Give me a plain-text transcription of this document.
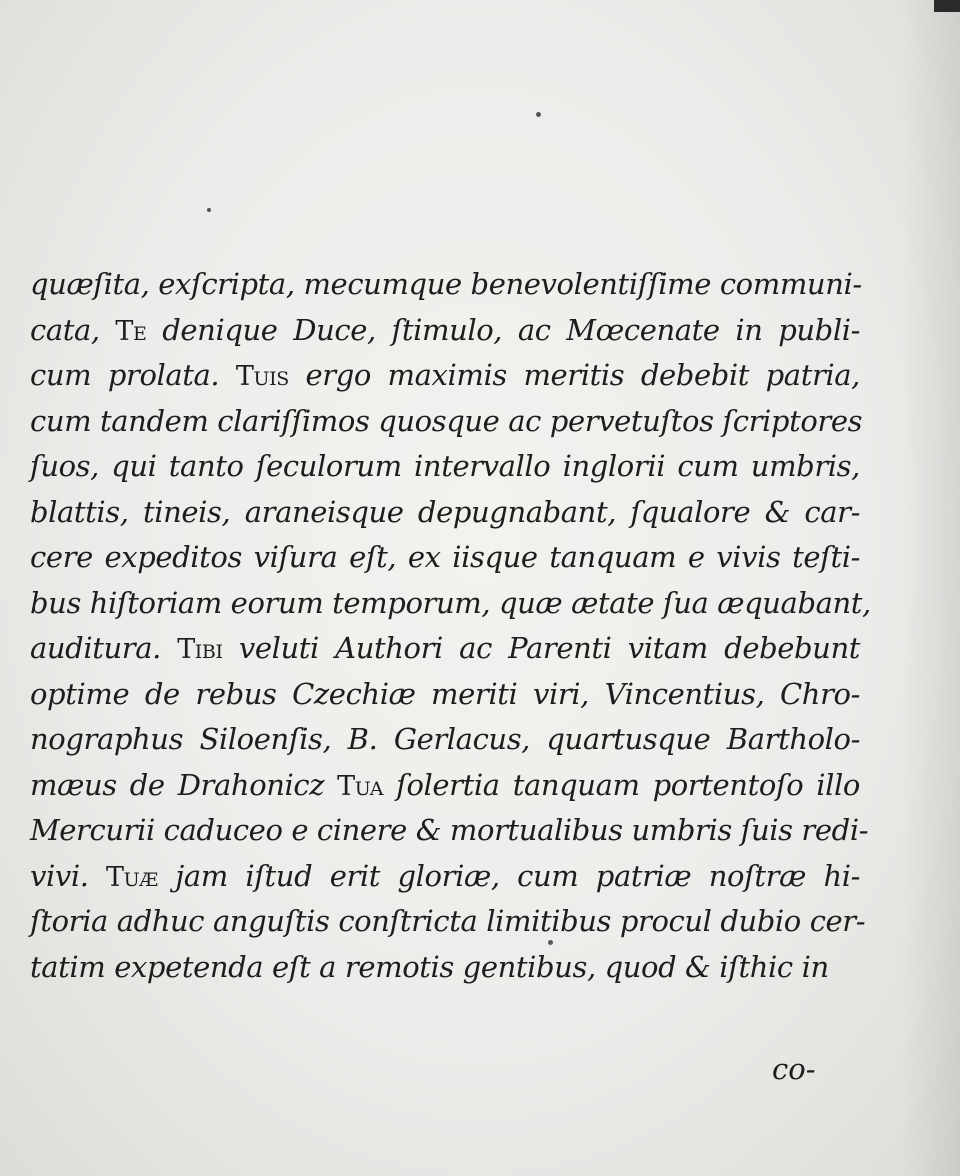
quæſita, exſcripta, mecumque benevolentiſſime communi-
cata, Te denique Duce, ſtimulo, ac Mœcenate in publi-
cum prolata. Tuis ergo maximis meritis debebit patria,
cum tandem clariſſimos quosque ac pervetuſtos ſcriptores
ſuos, qui tanto ſeculorum intervallo inglorii cum umbris,
blattis, tineis, araneisque depugnabant, ſqualore & car-
cere expeditos viſura eſt, ex iisque tanquam e vivis teſti-
bus hiſtoriam eorum temporum, quæ ætate ſua æquabant,
auditura. Tibi veluti Authori ac Parenti vitam debebunt
optime de rebus Czechiæ meriti viri, Vincentius, Chro-
nographus Siloenſis, B. Gerlacus, quartusque Bartholo-
mæus de Drahonicz Tua ſolertia tanquam portentoſo illo
Mercurii caduceo e cinere & mortualibus umbris ſuis redi-
vivi. Tuæ jam iſtud erit gloriæ, cum patriæ noſtræ hi-
ſtoria adhuc anguſtis conſtricta limitibus procul dubio cer-
tatim expetenda eſt a remotis gentibus, quod & iſthic in
co-
